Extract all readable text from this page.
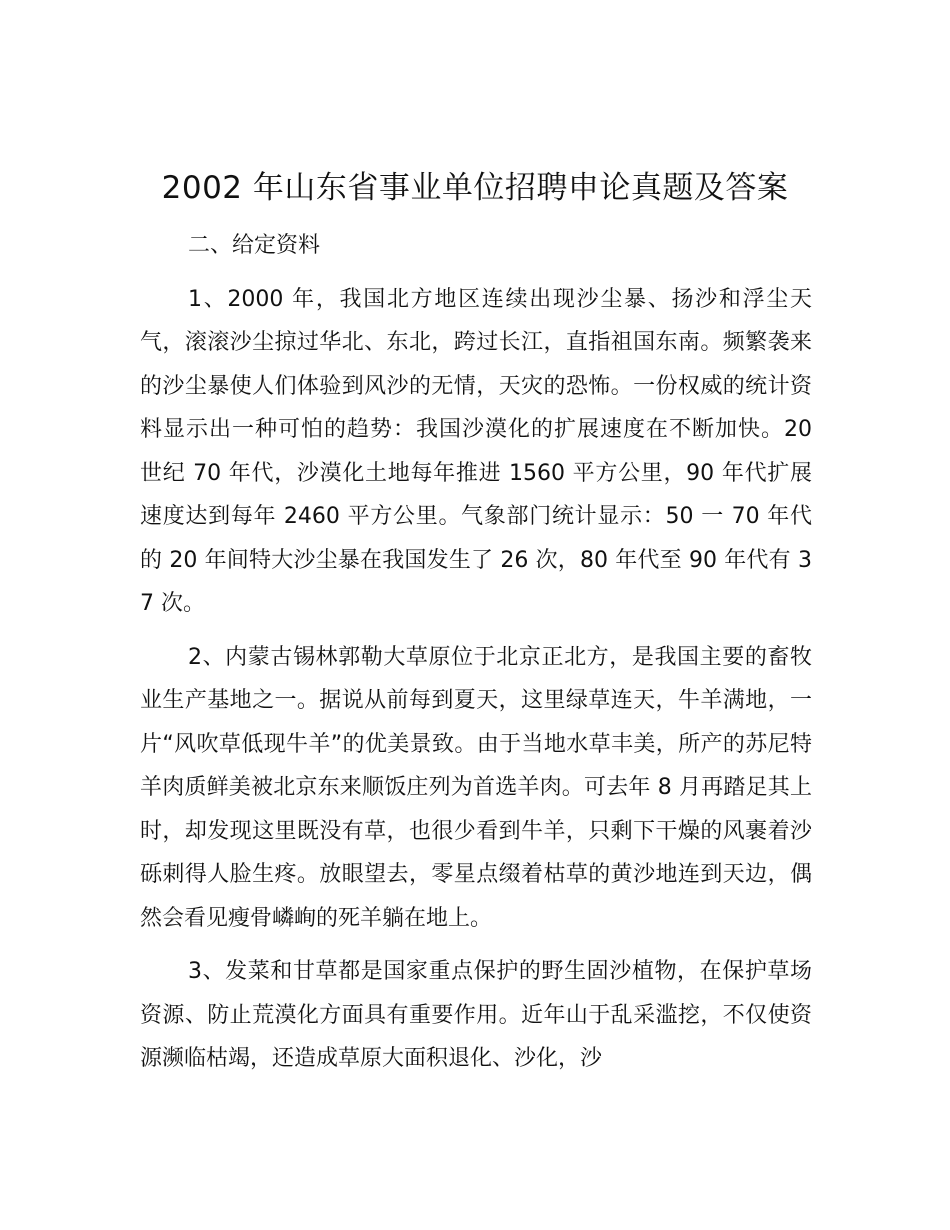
2002 年山东省事业单位招聘申论真题及答案

二、给定资料

1、2000 年，我国北方地区连续出现沙尘暴、扬沙和浮尘天气，滚滚沙尘掠过华北、东北，跨过长江，直指祖国东南。频繁袭来的沙尘暴使人们体验到风沙的无情，天灾的恐怖。一份权威的统计资料显示出一种可怕的趋势：我国沙漠化的扩展速度在不断加快。20 世纪 70 年代，沙漠化土地每年推进 1560 平方公里，90 年代扩展速度达到每年 2460 平方公里。气象部门统计显示：50 一 70 年代的 20 年间特大沙尘暴在我国发生了 26 次，80 年代至 90 年代有 37 次。

2、内蒙古锡林郭勒大草原位于北京正北方，是我国主要的畜牧业生产基地之一。据说从前每到夏天，这里绿草连天，牛羊满地，一片“风吹草低现牛羊”的优美景致。由于当地水草丰美，所产的苏尼特羊肉质鲜美被北京东来顺饭庄列为首选羊肉。可去年 8 月再踏足其上时，却发现这里既没有草，也很少看到牛羊，只剩下干燥的风裹着沙砾刺得人脸生疼。放眼望去，零星点缀着枯草的黄沙地连到天边，偶然会看见瘦骨嶙峋的死羊躺在地上。

3、发菜和甘草都是国家重点保护的野生固沙植物，在保护草场资源、防止荒漠化方面具有重要作用。近年山于乱采滥挖，不仅使资源濒临枯竭，还造成草原大面积退化、沙化，沙
